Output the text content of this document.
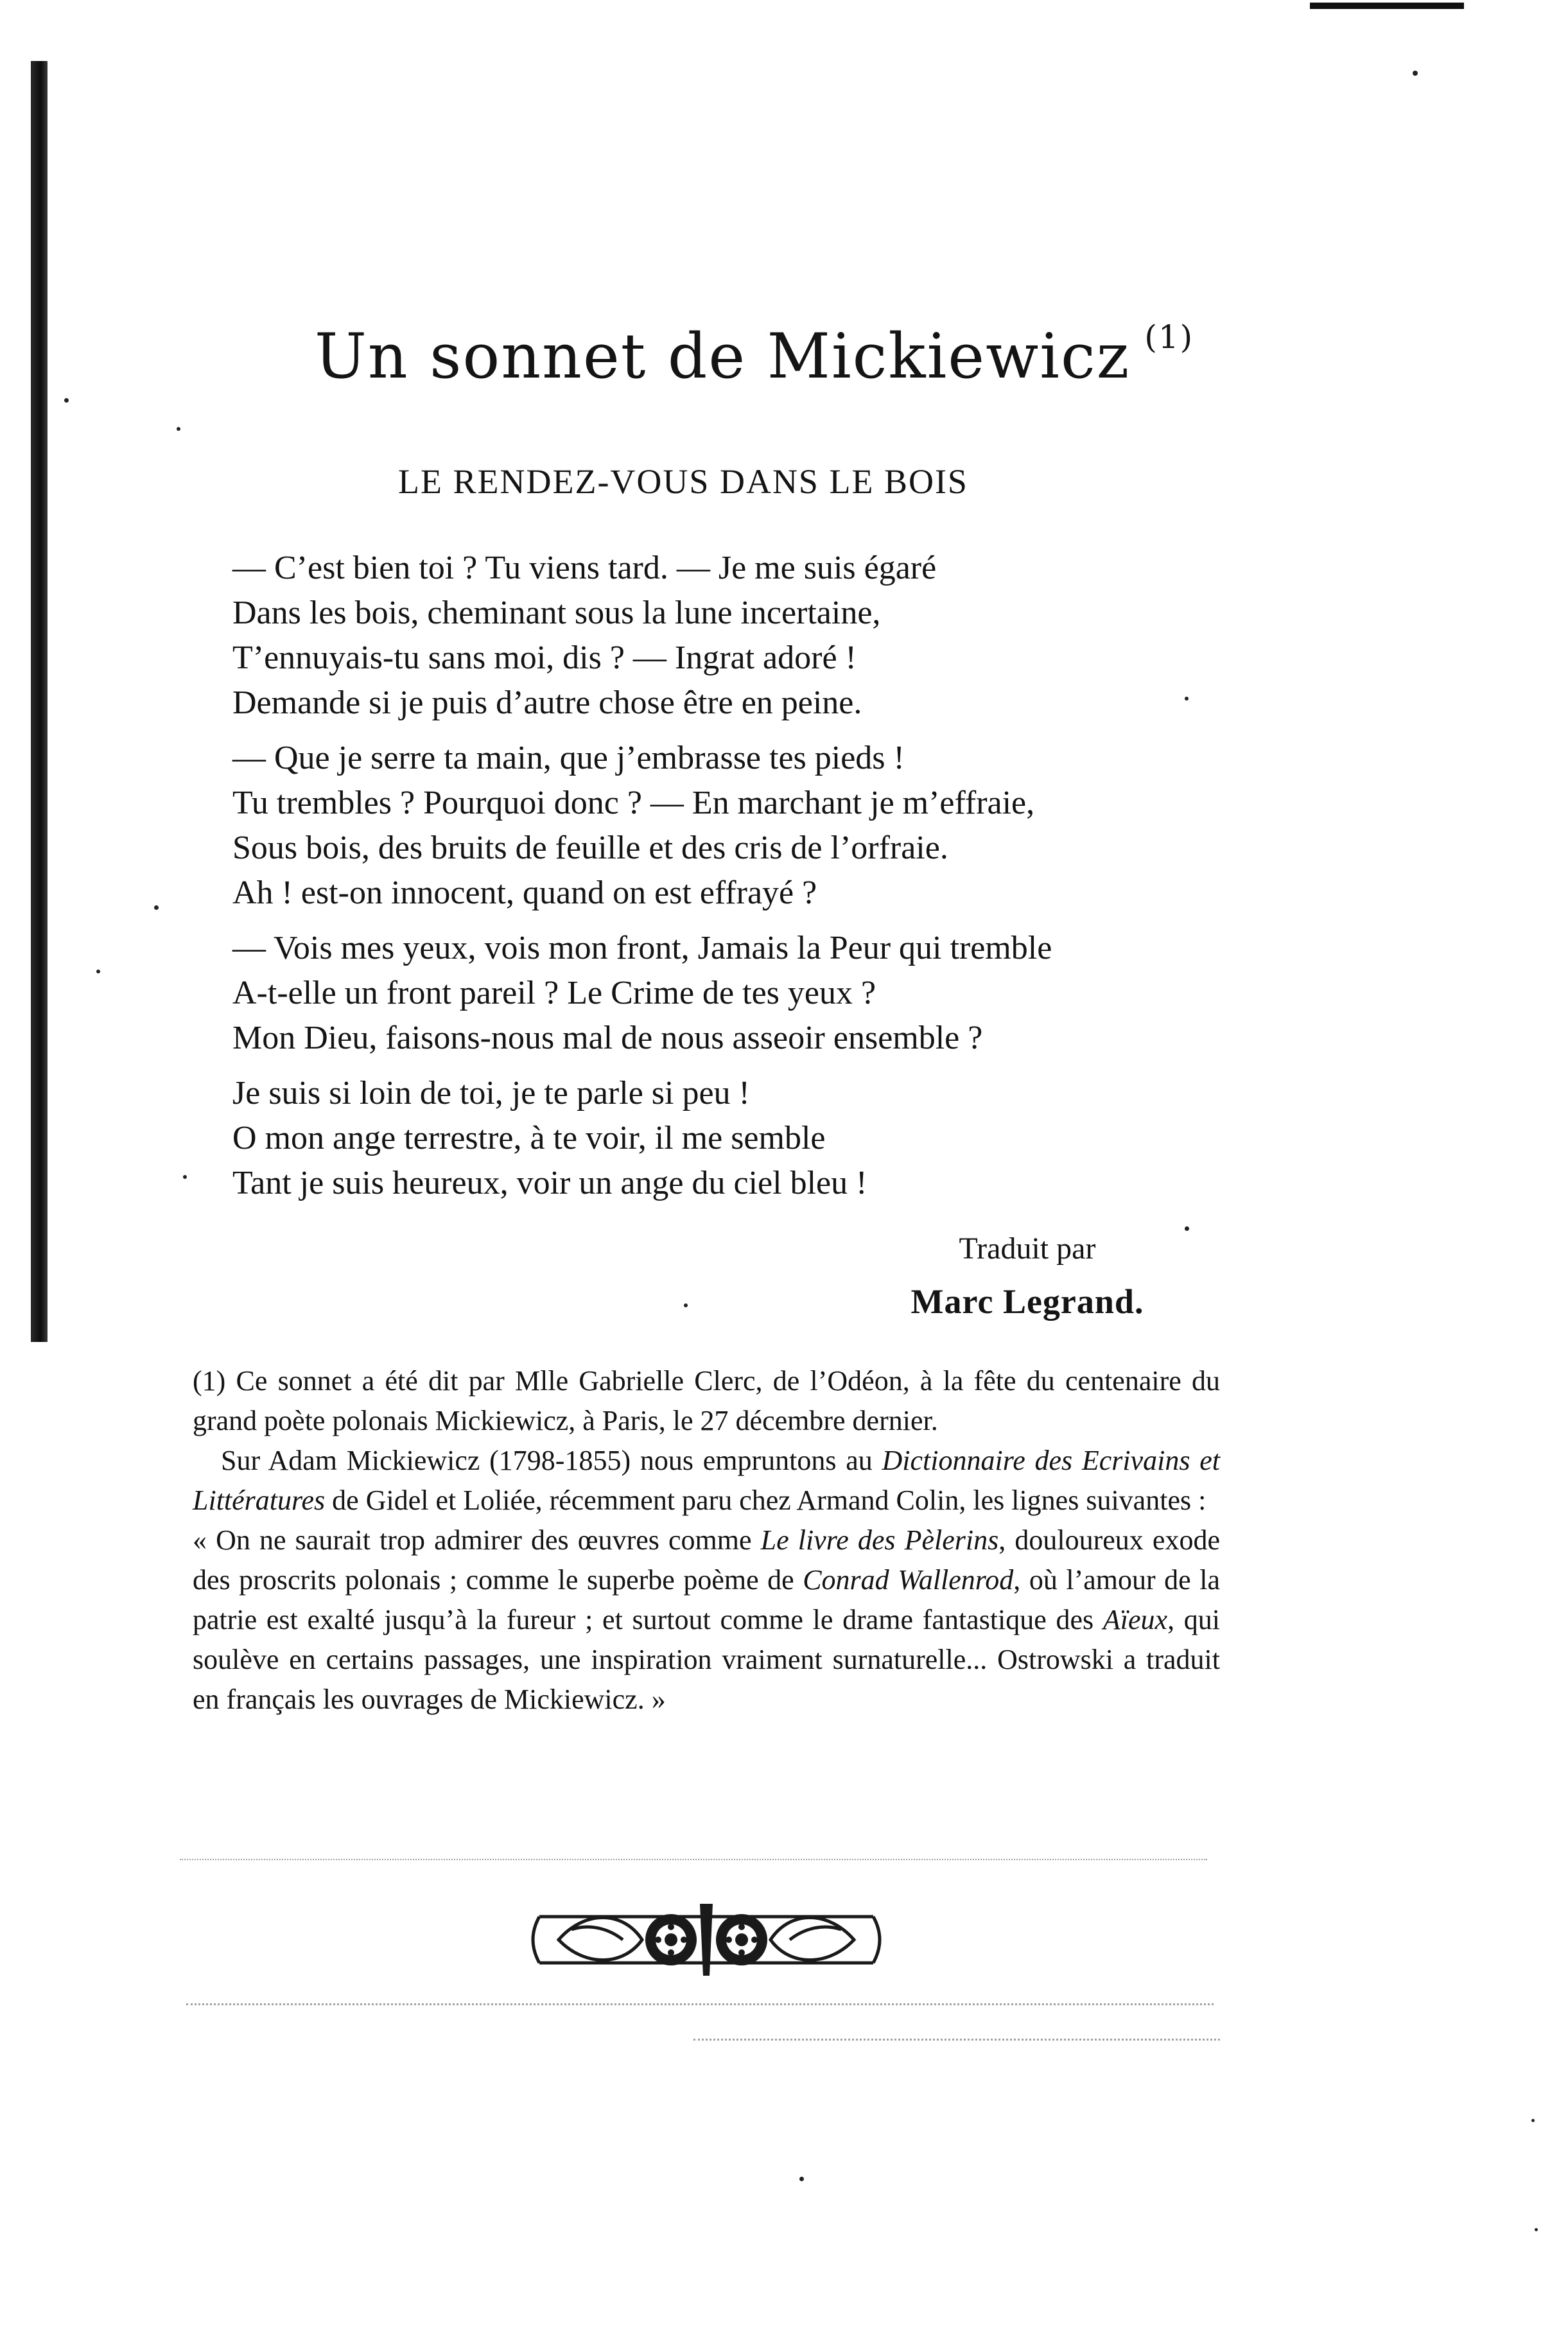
Un sonnet de Mickiewicz $^{(1)}$
LE RENDEZ-VOUS DANS LE BOIS
— C’est bien toi ? Tu viens tard. — Je me suis égaré
Dans les bois, cheminant sous la lune incertaine,
T’ennuyais-tu sans moi, dis ? — Ingrat adoré !
Demande si je puis d’autre chose être en peine.
— Que je serre ta main, que j’embrasse tes pieds !
Tu trembles ? Pourquoi donc ? — En marchant je m’effraie,
Sous bois, des bruits de feuille et des cris de l’orfraie.
Ah ! est-on innocent, quand on est effrayé ?
— Vois mes yeux, vois mon front, Jamais la Peur qui tremble
A-t-elle un front pareil ? Le Crime de tes yeux ?
Mon Dieu, faisons-nous mal de nous asseoir ensemble ?
Je suis si loin de toi, je te parle si peu !
O mon ange terrestre, à te voir, il me semble
Tant je suis heureux, voir un ange du ciel bleu !
Traduit par
Marc Legrand.

(1) Ce sonnet a été dit par Mlle Gabrielle Clerc, de l’Odéon, à la fête du centenaire du grand poète polonais Mickiewicz, à Paris, le 27 décembre dernier.

Sur Adam Mickiewicz (1798-1855) nous empruntons au Dictionnaire des Ecrivains et Littératures de Gidel et Loliée, récemment paru chez Armand Colin, les lignes suivantes :

« On ne saurait trop admirer des œuvres comme Le livre des Pèlerins, douloureux exode des proscrits polonais ; comme le superbe poème de Conrad Wallenrod, où l’amour de la patrie est exalté jusqu’à la fureur ; et surtout comme le drame fantastique des Aïeux, qui soulève en certains passages, une inspiration vraiment surnaturelle... Ostrowski a traduit en français les ouvrages de Mickiewicz. »
